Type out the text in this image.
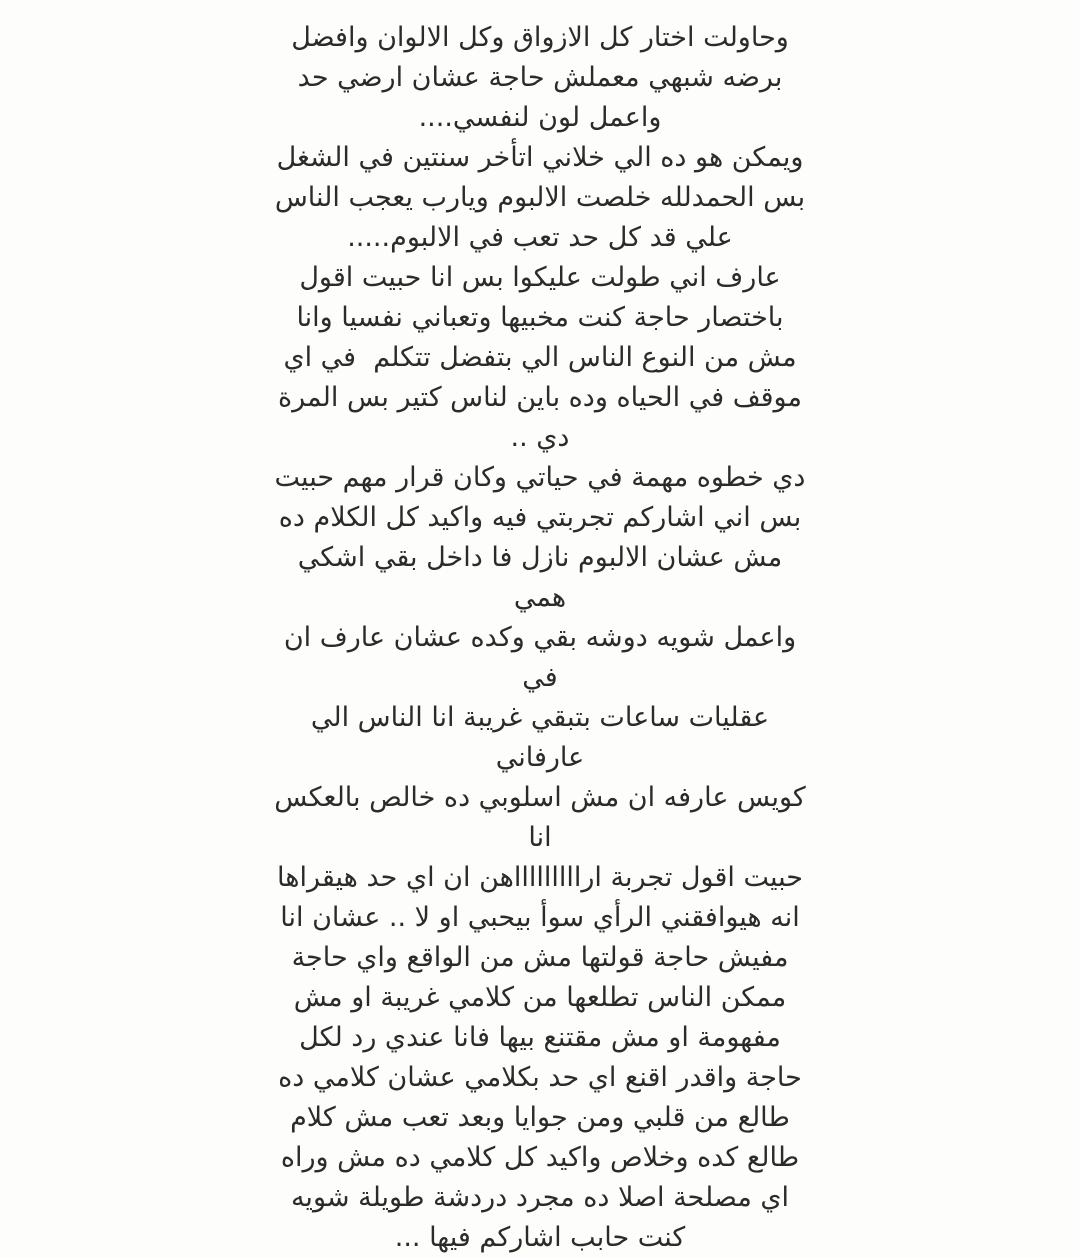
وحاولت اختار كل الازواق وكل الالوان وافضل
برضه شبهي معملش حاجة عشان ارضي حد
واعمل لون لنفسي....
ويمكن هو ده الي خلاني اتأخر سنتين في الشغل
بس الحمدلله خلصت الالبوم ويارب يعجب الناس
علي قد كل حد تعب في الالبوم.....
عارف اني طولت عليكوا بس انا حبيت اقول
باختصار حاجة كنت مخبيها وتعباني نفسيا وانا
مش من النوع الناس الي بتفضل تتكلم  في اي
موقف في الحياه وده باين لناس كتير بس المرة
دي ..
دي خطوه مهمة في حياتي وكان قرار مهم حبيت
بس اني اشاركم تجربتي فيه واكيد كل الكلام ده
مش عشان الالبوم نازل فا داخل بقي اشكي همي
واعمل شويه دوشه بقي وكده عشان عارف ان في
عقليات ساعات بتبقي غريبة انا الناس الي عارفاني
كويس عارفه ان مش اسلوبي ده خالص بالعكس انا
حبيت اقول تجربة اراااااااااهن ان اي حد هيقراها
انه هيوافقني الرأي سوأ بيحبي او لا .. عشان انا
مفيش حاجة قولتها مش من الواقع واي حاجة
ممكن الناس تطلعها من كلامي غريبة او مش
مفهومة او مش مقتنع بيها فانا عندي رد لكل
حاجة واقدر اقنع اي حد بكلامي عشان كلامي ده
طالع من قلبي ومن جوايا وبعد تعب مش كلام
طالع كده وخلاص واكيد كل كلامي ده مش وراه
اي مصلحة اصلا ده مجرد دردشة طويلة شويه
كنت حابب اشاركم فيها ...
